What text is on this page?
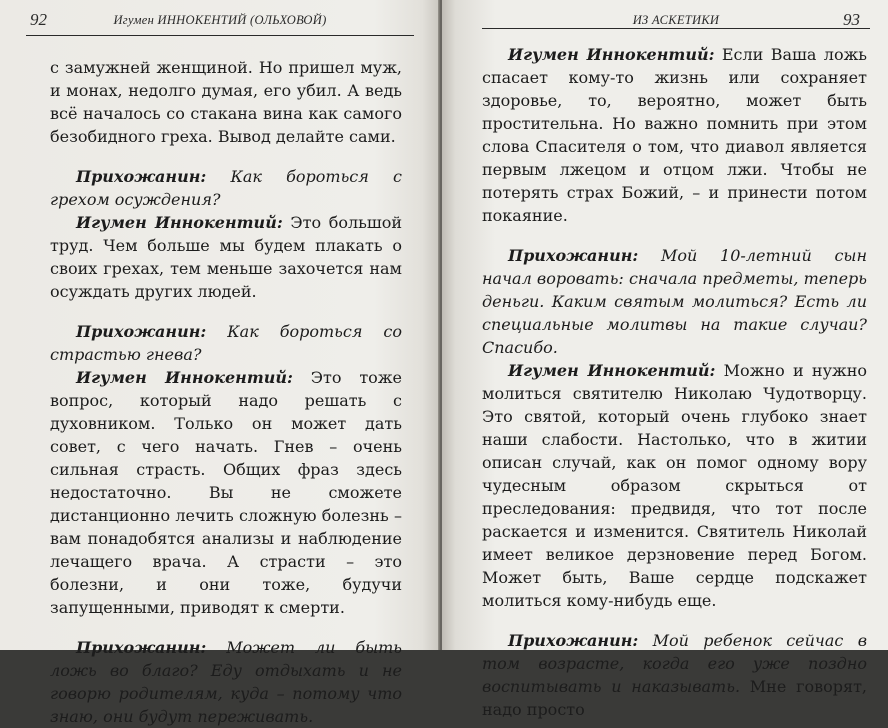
92	Игумен ИННОКЕНТИЙ (ОЛЬХОВОЙ)

с замужней женщиной. Но пришел муж, и монах, недолго думая, его убил. А ведь всё началось со стакана вина как самого безобидного греха. Вывод делайте сами.

Прихожанин: Как бороться с грехом осуждения?

Игумен Иннокентий: Это большой труд. Чем больше мы будем плакать о своих грехах, тем меньше захочется нам осуждать других людей.

Прихожанин: Как бороться со страстью гнева?

Игумен Иннокентий: Это тоже вопрос, который надо решать с духовником. Только он может дать совет, с чего начать. Гнев – очень сильная страсть. Общих фраз здесь недостаточно. Вы не сможете дистанционно лечить сложную болезнь – вам понадобятся анализы и наблюдение лечащего врача. А страсти – это болезни, и они тоже, будучи запущенными, приводят к смерти.

Прихожанин: Может ли быть ложь во благо? Еду отдыхать и не говорю родителям, куда – потому что знаю, они будут переживать.

ИЗ АСКЕТИКИ	93

Игумен Иннокентий: Если Ваша ложь спасает кому-то жизнь или сохраняет здоровье, то, вероятно, может быть простительна. Но важно помнить при этом слова Спасителя о том, что диавол является первым лжецом и отцом лжи. Чтобы не потерять страх Божий, – и принести потом покаяние.

Прихожанин: Мой 10-летний сын начал воровать: сначала предметы, теперь деньги. Каким святым молиться? Есть ли специальные молитвы на такие случаи? Спасибо.

Игумен Иннокентий: Можно и нужно молиться святителю Николаю Чудотворцу. Это святой, который очень глубоко знает наши слабости. Настолько, что в житии описан случай, как он помог одному вору чудесным образом скрыться от преследования: предвидя, что тот после раскается и изменится. Святитель Николай имеет великое дерзновение перед Богом. Может быть, Ваше сердце подскажет молиться кому-нибудь еще.

Прихожанин: Мой ребенок сейчас в том возрасте, когда его уже поздно воспитывать и наказывать. Мне говорят, надо просто
